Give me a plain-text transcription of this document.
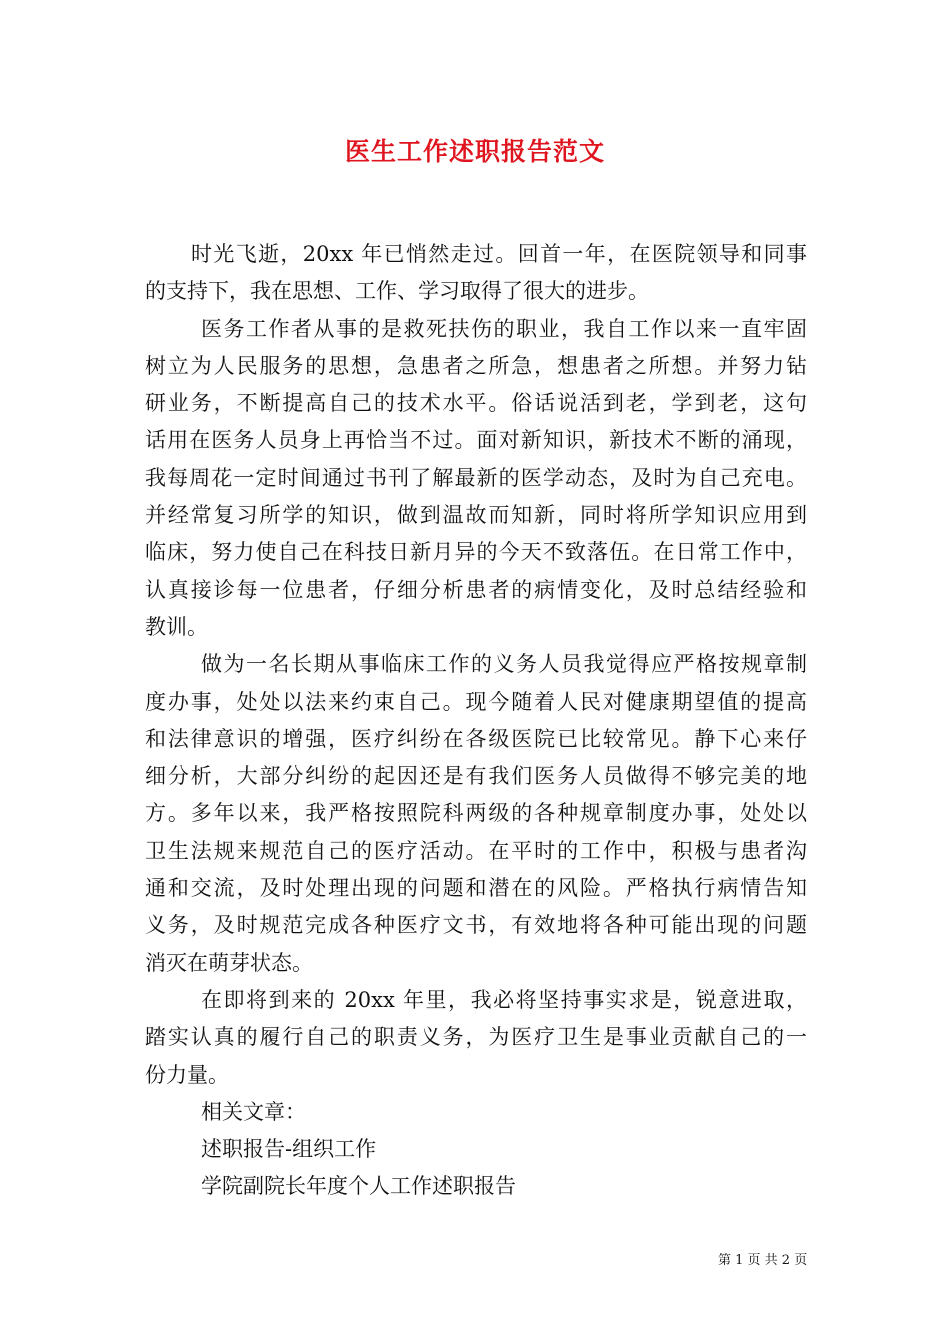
医生工作述职报告范文
时光飞逝，20xx 年已悄然走过。回首一年，在医院领导和同事
的支持下，我在思想、工作、学习取得了很大的进步。
医务工作者从事的是救死扶伤的职业，我自工作以来一直牢固
树立为人民服务的思想，急患者之所急，想患者之所想。并努力钻
研业务，不断提高自己的技术水平。俗话说活到老，学到老，这句
话用在医务人员身上再恰当不过。面对新知识，新技术不断的涌现，
我每周花一定时间通过书刊了解最新的医学动态，及时为自己充电。
并经常复习所学的知识，做到温故而知新，同时将所学知识应用到
临床，努力使自己在科技日新月异的今天不致落伍。在日常工作中，
认真接诊每一位患者，仔细分析患者的病情变化，及时总结经验和
教训。
做为一名长期从事临床工作的义务人员我觉得应严格按规章制
度办事，处处以法来约束自己。现今随着人民对健康期望值的提高
和法律意识的增强，医疗纠纷在各级医院已比较常见。静下心来仔
细分析，大部分纠纷的起因还是有我们医务人员做得不够完美的地
方。多年以来，我严格按照院科两级的各种规章制度办事，处处以
卫生法规来规范自己的医疗活动。在平时的工作中，积极与患者沟
通和交流，及时处理出现的问题和潜在的风险。严格执行病情告知
义务，及时规范完成各种医疗文书，有效地将各种可能出现的问题
消灭在萌芽状态。
在即将到来的 20xx 年里，我必将坚持事实求是，锐意进取，
踏实认真的履行自己的职责义务，为医疗卫生是事业贡献自己的一
份力量。
相关文章：
述职报告-组织工作
学院副院长年度个人工作述职报告
第 1 页 共 2 页
